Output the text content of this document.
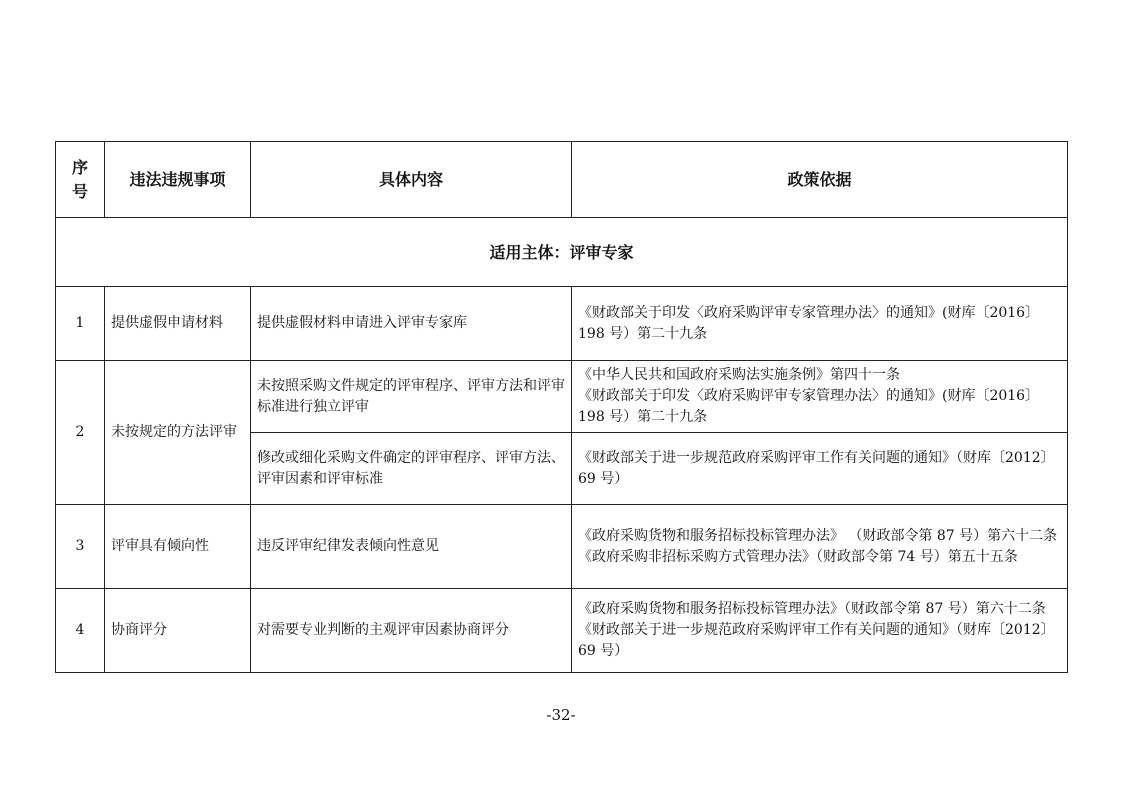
序
号	违法违规事项	具体内容	政策依据
适用主体：评审专家			
1	提供虚假申请材料	提供虚假材料申请进入评审专家库	《财政部关于印发〈政府采购评审专家管理办法〉的通知》(财库〔2016〕198 号）第二十九条

2	未按规定的方法评审	未按照采购文件规定的评审程序、评审方法和评审标准进行独立评审	《中华人民共和国政府采购法实施条例》第四十一条
《财政部关于印发〈政府采购评审专家管理办法〉的通知》(财库〔2016〕198 号）第二十九条

		修改或细化采购文件确定的评审程序、评审方法、评审因素和评审标准	《财政部关于进一步规范政府采购评审工作有关问题的通知》（财库〔2012〕69 号）

3	评审具有倾向性	违反评审纪律发表倾向性意见	《政府采购货物和服务招标投标管理办法》 （财政部令第 87 号）第六十二条
《政府采购非招标采购方式管理办法》（财政部令第 74 号）第五十五条

4	协商评分	对需要专业判断的主观评审因素协商评分	《政府采购货物和服务招标投标管理办法》（财政部令第 87 号）第六十二条
《财政部关于进一步规范政府采购评审工作有关问题的通知》（财库〔2012〕69 号）
-32-
